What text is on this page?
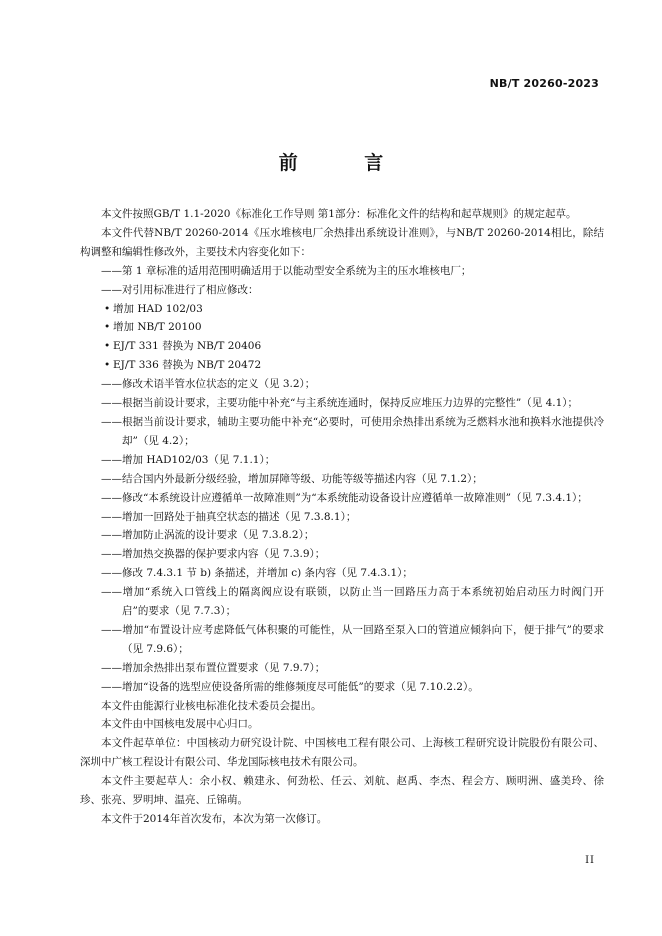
NB/T 20260-2023

前 言

本文件按照GB/T 1.1-2020《标准化工作导则 第1部分：标准化文件的结构和起草规则》的规定起草。

本文件代替NB/T 20260-2014《压水堆核电厂余热排出系统设计准则》，与NB/T 20260-2014相比，除结构调整和编辑性修改外，主要技术内容变化如下：

——第 1 章标准的适用范围明确适用于以能动型安全系统为主的压水堆核电厂；

——对引用标准进行了相应修改：

• 增加 HAD 102/03

• 增加 NB/T 20100

• EJ/T 331 替换为 NB/T 20406

• EJ/T 336 替换为 NB/T 20472

——修改术语半管水位状态的定义（见 3.2）；

——根据当前设计要求，主要功能中补充“与主系统连通时，保持反应堆压力边界的完整性”（见 4.1）；

——根据当前设计要求，辅助主要功能中补充“必要时，可使用余热排出系统为乏燃料水池和换料水池提供冷却”（见 4.2）；

——增加 HAD102/03（见 7.1.1）；

——结合国内外最新分级经验，增加屏障等级、功能等级等描述内容（见 7.1.2）；

——修改“本系统设计应遵循单一故障准则”为“本系统能动设备设计应遵循单一故障准则”（见 7.3.4.1）；

——增加一回路处于抽真空状态的描述（见 7.3.8.1）；

——增加防止涡流的设计要求（见 7.3.8.2）；

——增加热交换器的保护要求内容（见 7.3.9）；

——修改 7.4.3.1 节 b) 条描述，并增加 c) 条内容（见 7.4.3.1）；

——增加“系统入口管线上的隔离阀应设有联锁，以防止当一回路压力高于本系统初始启动压力时阀门开启”的要求（见 7.7.3）；

——增加“布置设计应考虑降低气体积聚的可能性，从一回路至泵入口的管道应倾斜向下，便于排气”的要求（见 7.9.6）；

——增加余热排出泵布置位置要求（见 7.9.7）；

——增加“设备的选型应使设备所需的维修频度尽可能低”的要求（见 7.10.2.2）。

本文件由能源行业核电标准化技术委员会提出。

本文件由中国核电发展中心归口。

本文件起草单位：中国核动力研究设计院、中国核电工程有限公司、上海核工程研究设计院股份有限公司、深圳中广核工程设计有限公司、华龙国际核电技术有限公司。

本文件主要起草人：余小权、赖建永、何劲松、任云、刘航、赵禹、李杰、程会方、顾明洲、盛美玲、徐珍、张亮、罗明坤、温亮、丘锦萌。

本文件于2014年首次发布，本次为第一次修订。

II
